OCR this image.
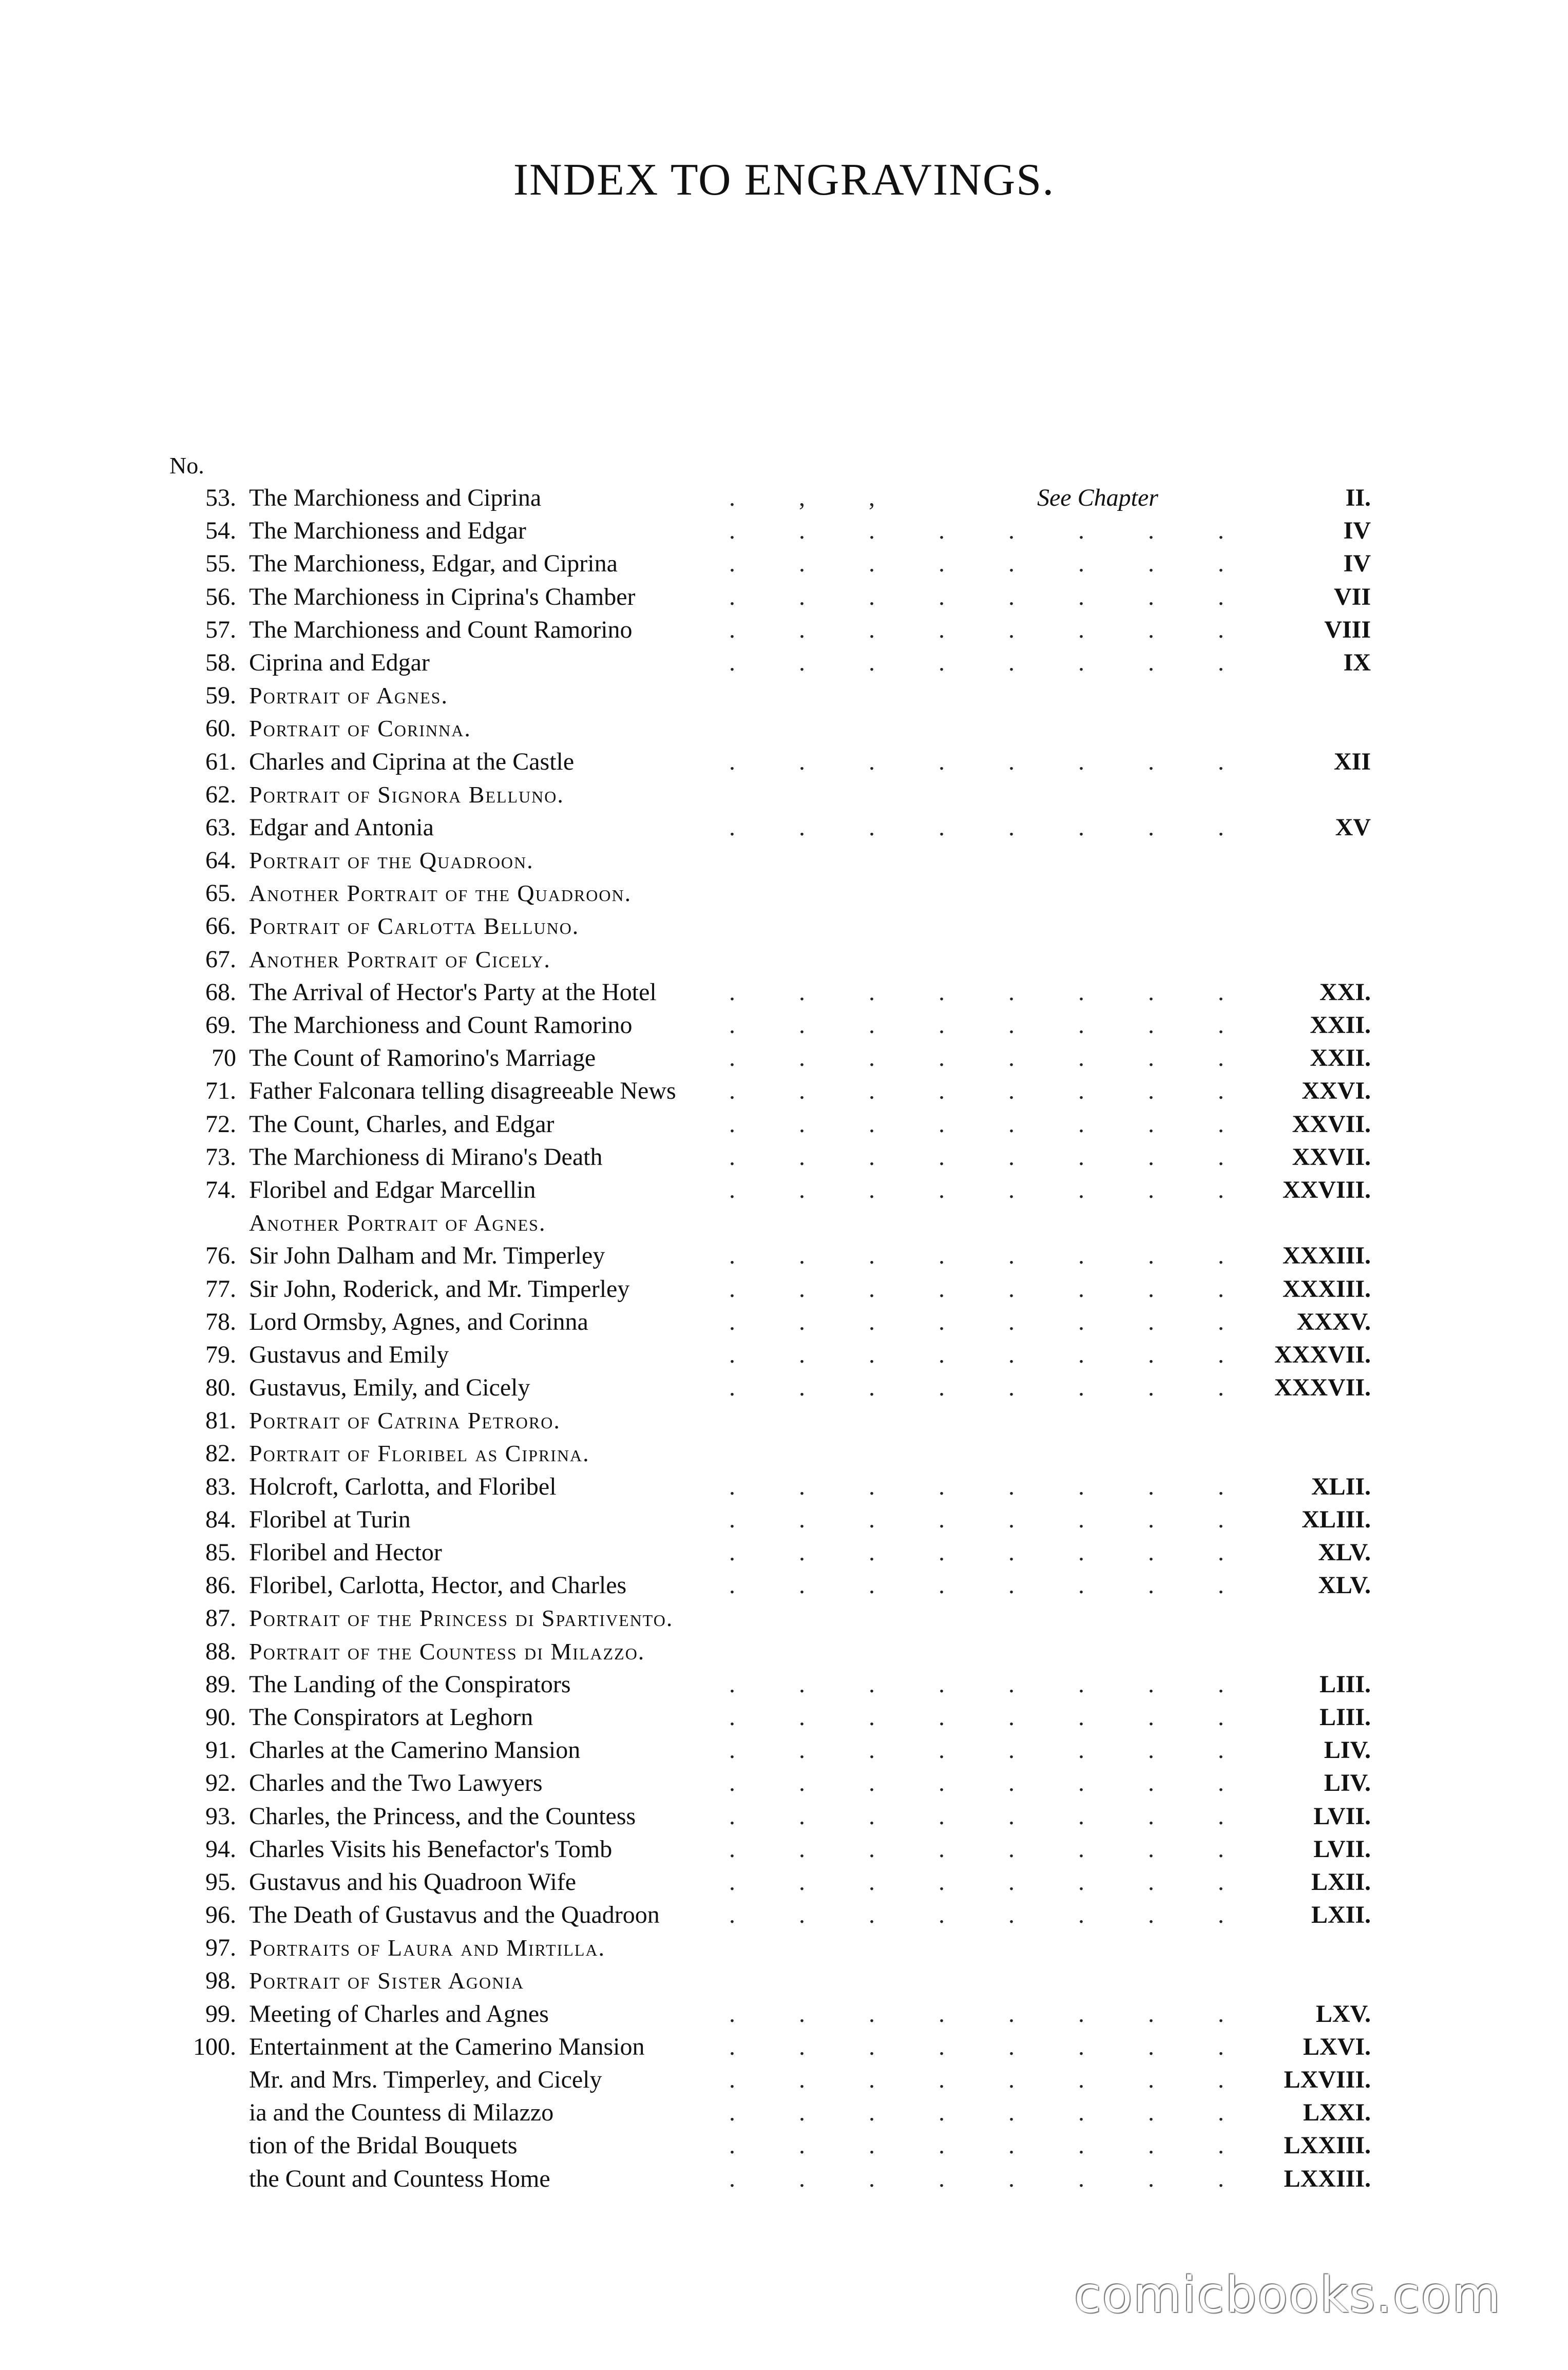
INDEX TO ENGRAVINGS.
No.
53. The Marchioness and Ciprina	. , ,	See Chapter	II.
54. The Marchioness and Edgar	. . . . . . . .	IV
55. The Marchioness, Edgar, and Ciprina	. . . . . . . .	IV
56. The Marchioness in Ciprina's Chamber	. . . . . . . .	VII
57. The Marchioness and Count Ramorino	. . . . . . . .	VIII
58. Ciprina and Edgar	. . . . . . . .	IX
59. Portrait of Agnes.
60. Portrait of Corinna.
61. Charles and Ciprina at the Castle	. . . . . . . .	XII
62. Portrait of Signora Belluno.
63. Edgar and Antonia	. . . . . . . .	XV
64. Portrait of the Quadroon.
65. Another Portrait of the Quadroon.
66. Portrait of Carlotta Belluno.
67. Another Portrait of Cicely.
68. The Arrival of Hector's Party at the Hotel	. . . . . . . .	XXI.
69. The Marchioness and Count Ramorino	. . . . . . . .	XXII.
70 The Count of Ramorino's Marriage	. . . . . . . .	XXII.
71. Father Falconara telling disagreeable News . . . . . . . .	XXVI.
72. The Count, Charles, and Edgar	. . . . . . . .	XXVII.
73. The Marchioness di Mirano's Death	. . . . . . . .	XXVII.
74. Floribel and Edgar Marcellin	. . . . . . . .	XXVIII.
Another Portrait of Agnes.
76. Sir John Dalham and Mr. Timperley	. . . . . . . .	XXXIII.
77. Sir John, Roderick, and Mr. Timperley	. . . . . . . .	XXXIII.
78. Lord Ormsby, Agnes, and Corinna	. . . . . . . .	XXXV.
79. Gustavus and Emily	. . . . . . . . XXXVII.
80. Gustavus, Emily, and Cicely	. . . . . . . . XXXVII.
81. Portrait of Catrina Petroro.
82. Portrait of Floribel as Ciprina.
83. Holcroft, Carlotta, and Floribel	. . . . . . . .	XLII.
84. Floribel at Turin	. . . . . . . .	XLIII.
85. Floribel and Hector	. . . . . . . .	XLV.
86. Floribel, Carlotta, Hector, and Charles	. . . . . . . .	XLV.
87. Portrait of the Princess di Spartivento.
88. Portrait of the Countess di Milazzo.
89. The Landing of the Conspirators	. . . . . . . .	LIII.
90. The Conspirators at Leghorn	. . . . . . . .	LIII.
91. Charles at the Camerino Mansion	. . . . . . . .	LIV.
92. Charles and the Two Lawyers	. . . . . . . .	LIV.
93. Charles, the Princess, and the Countess	. . . . . . . .	LVII.
94. Charles Visits his Benefactor's Tomb	. . . . . . . .	LVII.
95. Gustavus and his Quadroon Wife	. . . . . . . .	LXII.
96. The Death of Gustavus and the Quadroon	. . . . . . . .	LXII.
97. Portraits of Laura and Mirtilla.
98. Portrait of Sister Agonia
99. Meeting of Charles and Agnes	. . . . . . . .	LXV.
100. Entertainment at the Camerino Mansion	. . . . . . . .	LXVI.
Mr. and Mrs. Timperley, and Cicely	. . . . . . . .	LXVIII.
ia and the Countess di Milazzo	. . . . . . . .	LXXI.
tion of the Bridal Bouquets	. . . . . . . .	LXXIII.
the Count and Countess Home	. . . . . . . .	LXXIII.
comicbooks.com
